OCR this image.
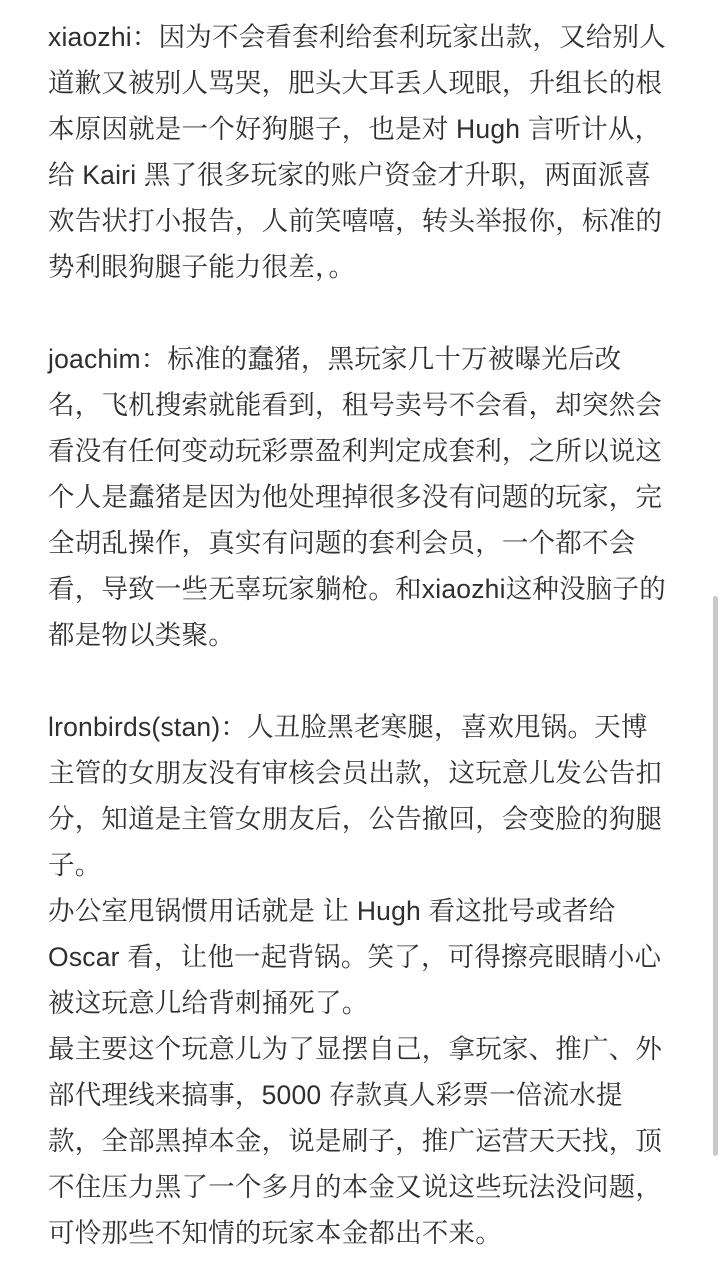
xiaozhi：因为不会看套利给套利玩家出款，又给别人道歉又被别人骂哭，肥头大耳丢人现眼，升组长的根本原因就是一个好狗腿子，也是对 Hugh 言听计从，给 Kairi 黑了很多玩家的账户资金才升职，两面派喜欢告状打小报告，人前笑嘻嘻，转头举报你，标准的势利眼狗腿子能力很差，。

joachim：标准的蠢猪，黑玩家几十万被曝光后改名，飞机搜索就能看到，租号卖号不会看，却突然会看没有任何变动玩彩票盈利判定成套利，之所以说这个人是蠢猪是因为他处理掉很多没有问题的玩家，完全胡乱操作，真实有问题的套利会员，一个都不会看，导致一些无辜玩家躺枪。和xiaozhi这种没脑子的都是物以类聚。

lronbirds(stan)：人丑脸黑老寒腿，喜欢甩锅。天博主管的女朋友没有审核会员出款，这玩意儿发公告扣分，知道是主管女朋友后，公告撤回，会变脸的狗腿子。

办公室甩锅惯用话就是 让 Hugh 看这批号或者给 Oscar 看，让他一起背锅。笑了，可得擦亮眼睛小心被这玩意儿给背刺捅死了。

最主要这个玩意儿为了显摆自己，拿玩家、推广、外部代理线来搞事，5000 存款真人彩票一倍流水提款，全部黑掉本金，说是刷子，推广运营天天找，顶不住压力黑了一个多月的本金又说这些玩法没问题，可怜那些不知情的玩家本金都出不来。
